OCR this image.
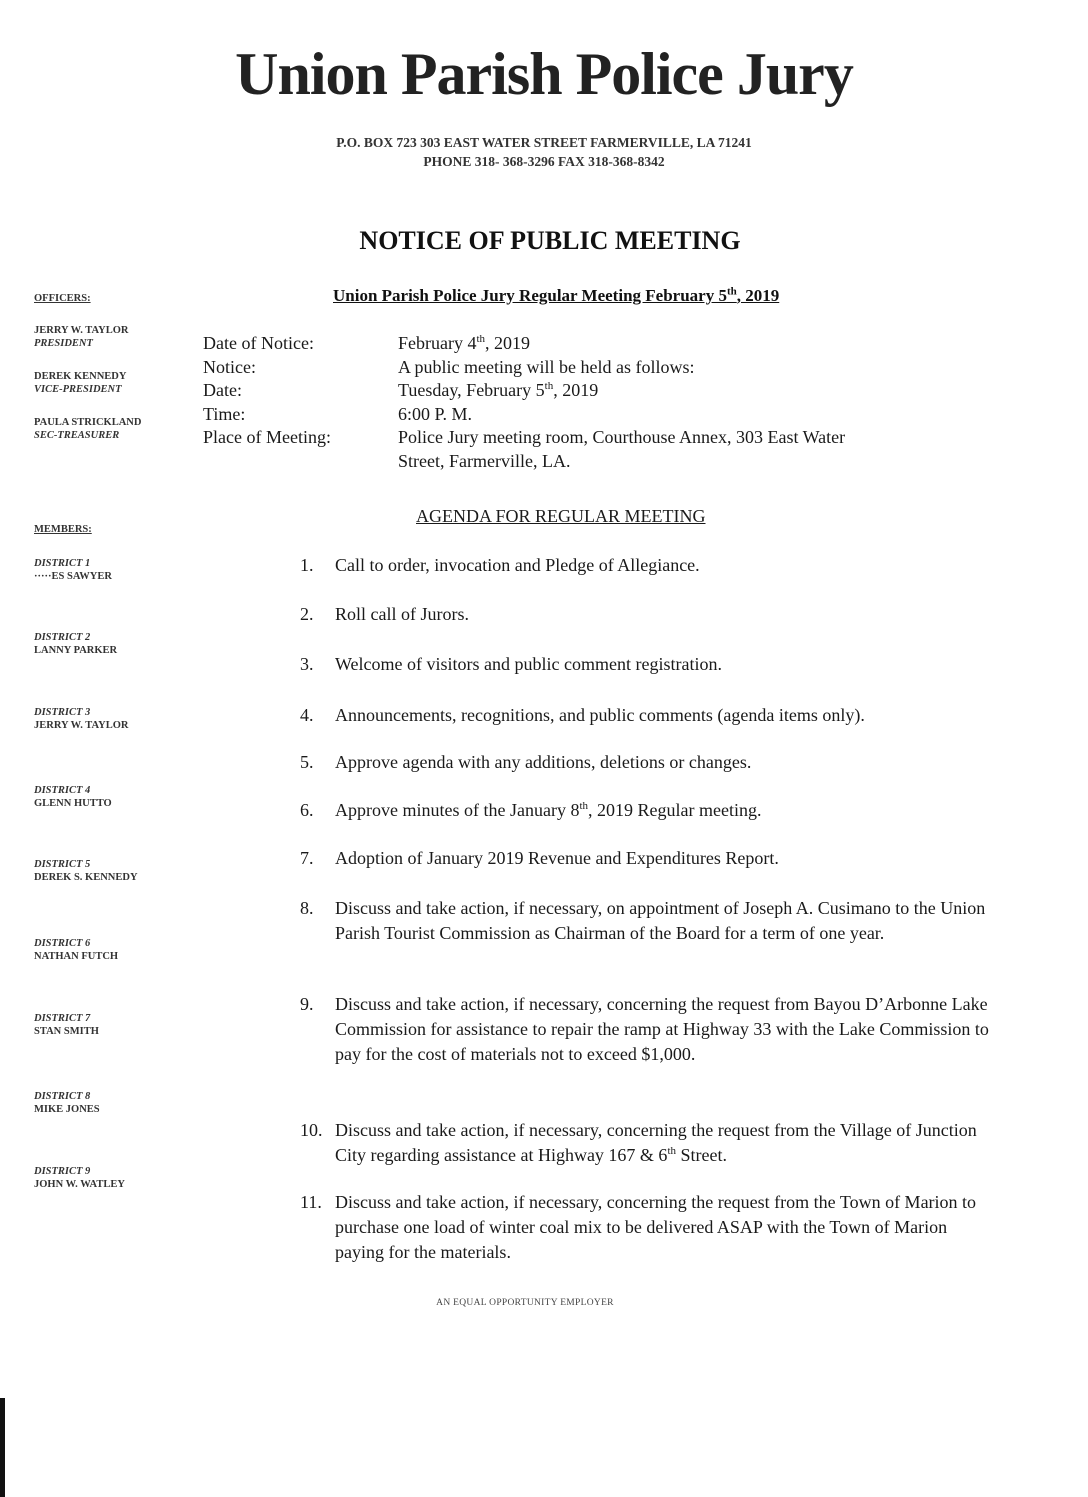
Union Parish Police Jury
P.O. BOX 723 303 EAST WATER STREET FARMERVILLE, LA 71241
PHONE 318- 368-3296 FAX 318-368-8342
NOTICE OF PUBLIC MEETING
Union Parish Police Jury Regular Meeting February 5th, 2019
OFFICERS:
JERRY W. TAYLOR
PRESIDENT
DEREK KENNEDY
VICE-PRESIDENT
PAULA STRICKLAND
SEC-TREASURER
MEMBERS:
DISTRICT 1
·····ES SAWYER
DISTRICT 2
LANNY PARKER
DISTRICT 3
JERRY W. TAYLOR
DISTRICT 4
GLENN HUTTO
DISTRICT 5
DEREK S. KENNEDY
DISTRICT 6
NATHAN FUTCH
DISTRICT 7
STAN SMITH
DISTRICT 8
MIKE JONES
DISTRICT 9
JOHN W. WATLEY
Date of Notice:	February 4th, 2019
Notice:	A public meeting will be held as follows:
Date:	Tuesday, February 5th, 2019
Time:	6:00 P. M.
Place of Meeting:	Police Jury meeting room, Courthouse Annex, 303 East Water
Street, Farmerville, LA.
AGENDA FOR REGULAR MEETING
1.	Call to order, invocation and Pledge of Allegiance.
2.	Roll call of Jurors.
3.	Welcome of visitors and public comment registration.
4.	Announcements, recognitions, and public comments (agenda items only).
5.	Approve agenda with any additions, deletions or changes.
6.	Approve minutes of the January 8th, 2019 Regular meeting.
7.	Adoption of January 2019 Revenue and Expenditures Report.
8.	Discuss and take action, if necessary, on appointment of Joseph A. Cusimano to the Union Parish Tourist Commission as Chairman of the Board for a term of one year.
9.	Discuss and take action, if necessary, concerning the request from Bayou D’Arbonne Lake Commission for assistance to repair the ramp at Highway 33 with the Lake Commission to pay for the cost of materials not to exceed $1,000.
10. Discuss and take action, if necessary, concerning the request from the Village of Junction City regarding assistance at Highway 167 & 6th Street.
11. Discuss and take action, if necessary, concerning the request from the Town of Marion to purchase one load of winter coal mix to be delivered ASAP with the Town of Marion paying for the materials.
AN EQUAL OPPORTUNITY EMPLOYER
